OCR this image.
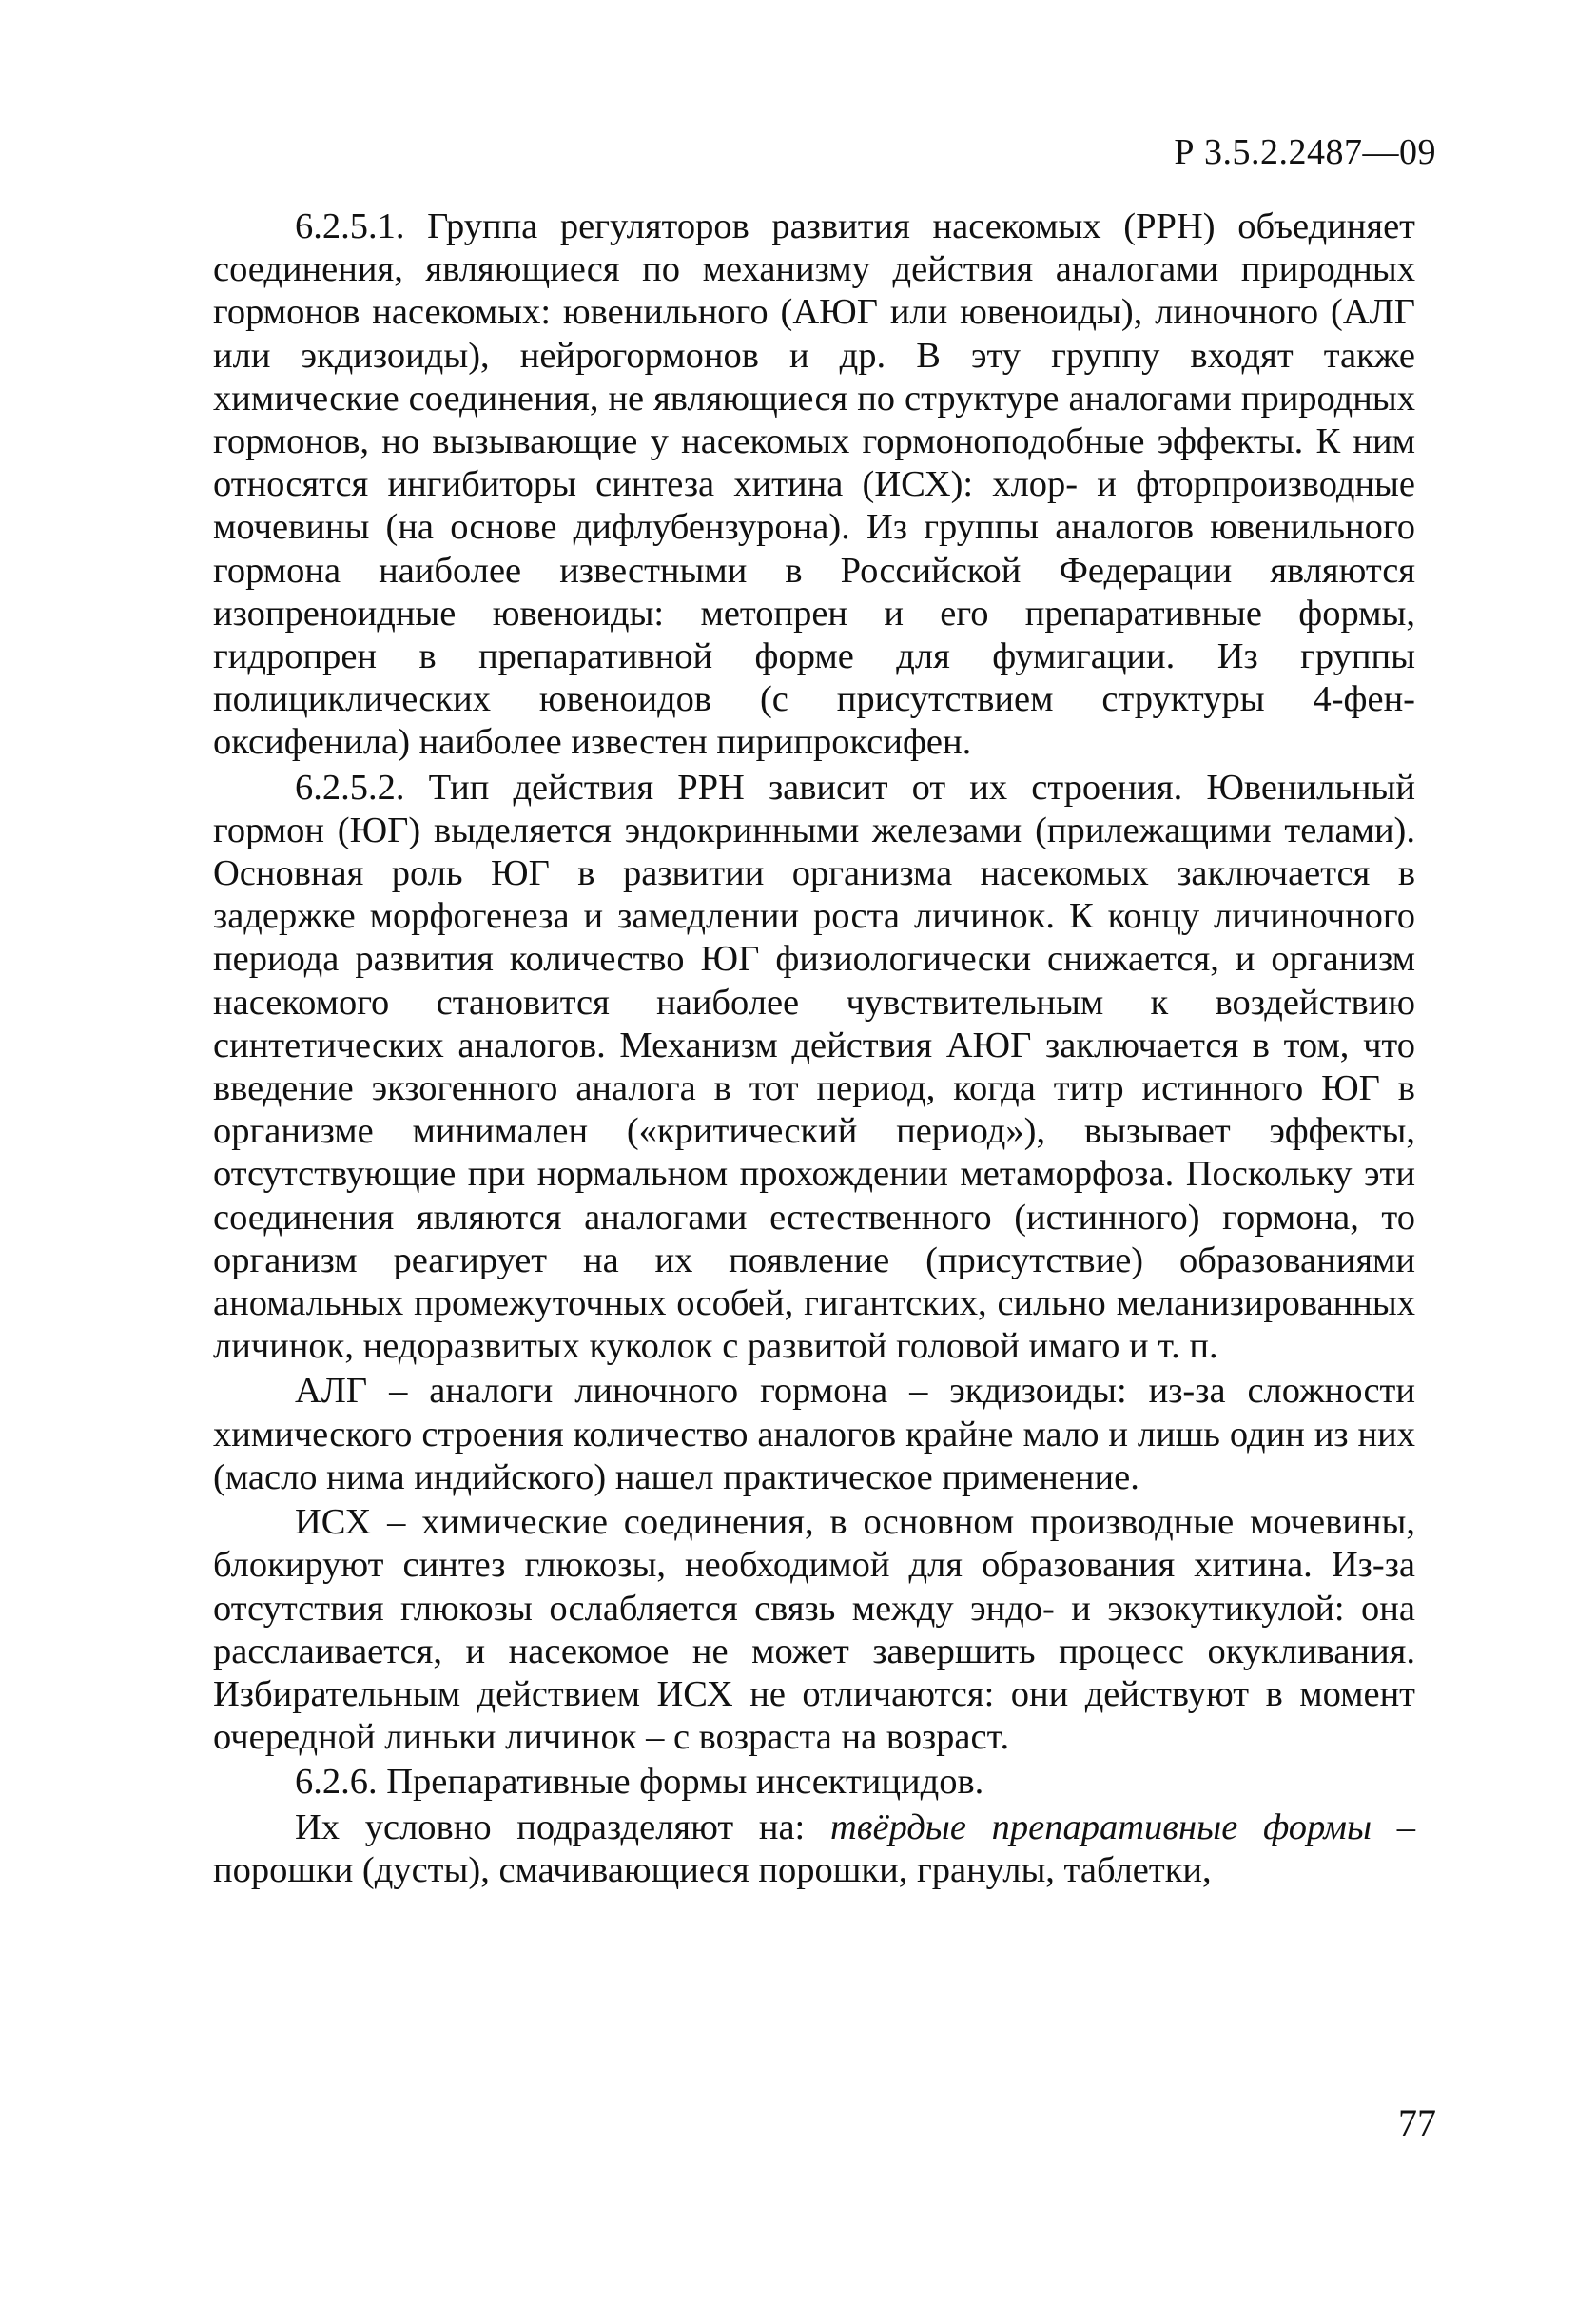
Р 3.5.2.2487—09

6.2.5.1. Группа регуляторов развития насекомых (РРН) объединяет соединения, являющиеся по механизму действия аналогами природных гормонов насекомых: ювенильного (АЮГ или ювеноиды), линочного (АЛГ или экдизоиды), нейрогормонов и др. В эту группу входят также химические соединения, не являющиеся по структуре аналогами природных гормонов, но вызывающие у насекомых гормоноподобные эффекты. К ним относятся ингибиторы синтеза хитина (ИСХ): хлор- и фторпроизводные мочевины (на основе дифлубензурона). Из группы аналогов ювенильного гормона наиболее известными в Российской Федерации являются изопреноидные ювеноиды: метопрен и его препаративные формы, гидропрен в препаративной форме для фумигации. Из группы полициклических ювеноидов (с присутствием структуры 4-фен-оксифенила) наиболее известен пирипроксифен.

6.2.5.2. Тип действия РРН зависит от их строения. Ювенильный гормон (ЮГ) выделяется эндокринными железами (прилежащими телами). Основная роль ЮГ в развитии организма насекомых заключается в задержке морфогенеза и замедлении роста личинок. К концу личиночного периода развития количество ЮГ физиологически снижается, и организм насекомого становится наиболее чувствительным к воздействию синтетических аналогов. Механизм действия АЮГ заключается в том, что введение экзогенного аналога в тот период, когда титр истинного ЮГ в организме минимален («критический период»), вызывает эффекты, отсутствующие при нормальном прохождении метаморфоза. Поскольку эти соединения являются аналогами естественного (истинного) гормона, то организм реагирует на их появление (присутствие) образованиями аномальных промежуточных особей, гигантских, сильно меланизированных личинок, недоразвитых куколок с развитой головой имаго и т. п.

АЛГ – аналоги линочного гормона – экдизоиды: из-за сложности химического строения количество аналогов крайне мало и лишь один из них (масло нима индийского) нашел практическое применение.

ИСХ – химические соединения, в основном производные мочевины, блокируют синтез глюкозы, необходимой для образования хитина. Из-за отсутствия глюкозы ослабляется связь между эндо- и экзокутикулой: она расслаивается, и насекомое не может завершить процесс окукливания. Избирательным действием ИСХ не отличаются: они действуют в момент очередной линьки личинок – с возраста на возраст.

6.2.6. Препаративные формы инсектицидов.

Их условно подразделяют на: твёрдые препаративные формы – порошки (дусты), смачивающиеся порошки, гранулы, таблетки,

77
